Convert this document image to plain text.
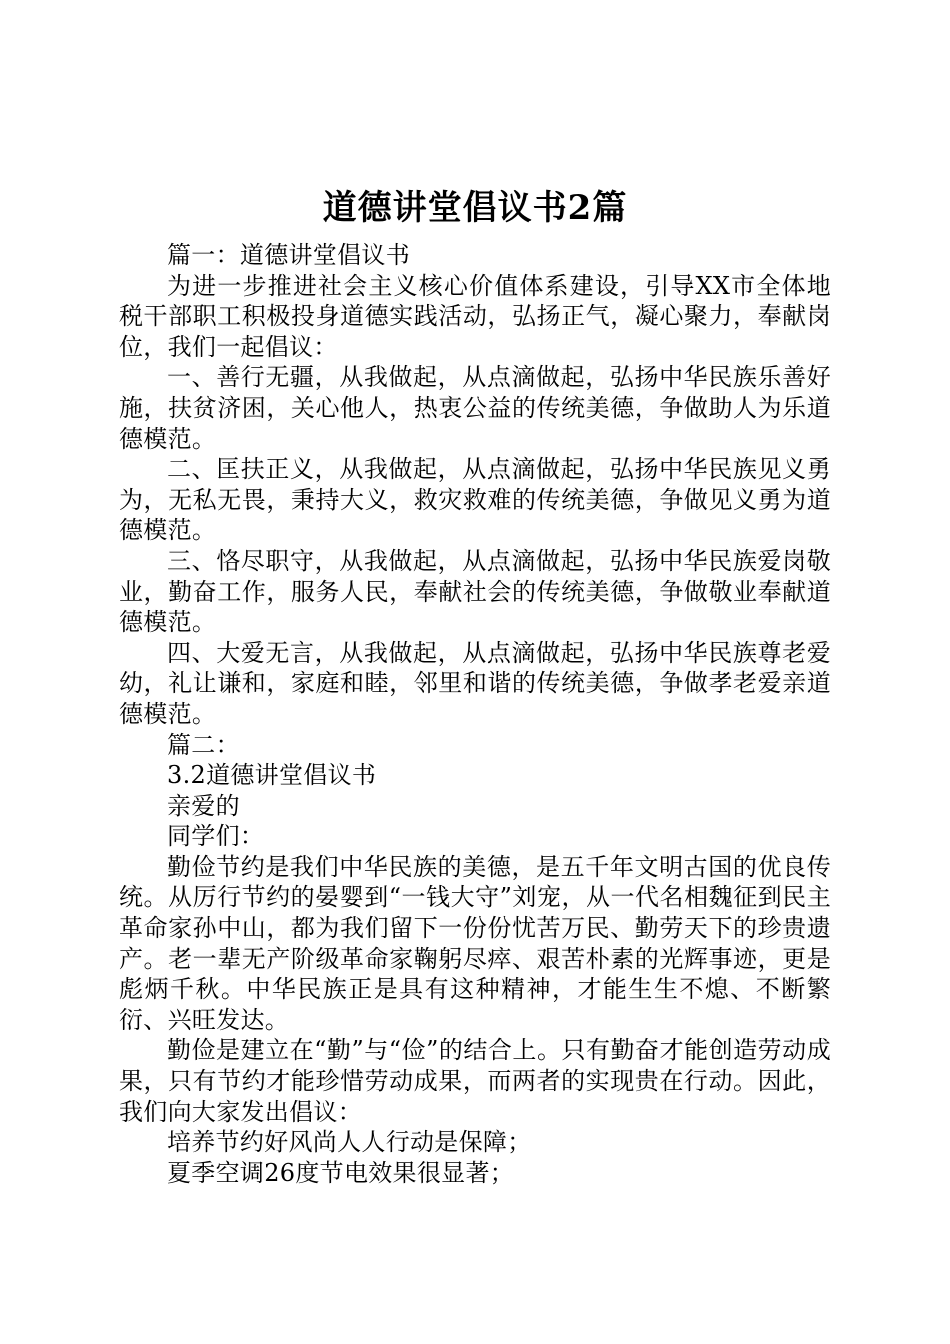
道德讲堂倡议书2篇

篇一：道德讲堂倡议书

为进一步推进社会主义核心价值体系建设，引导XX市全体地税干部职工积极投身道德实践活动，弘扬正气，凝心聚力，奉献岗位，我们一起倡议：

一、善行无疆，从我做起，从点滴做起，弘扬中华民族乐善好施，扶贫济困，关心他人，热衷公益的传统美德，争做助人为乐道德模范。

二、匡扶正义，从我做起，从点滴做起，弘扬中华民族见义勇为，无私无畏，秉持大义，救灾救难的传统美德，争做见义勇为道德模范。

三、恪尽职守，从我做起，从点滴做起，弘扬中华民族爱岗敬业，勤奋工作，服务人民，奉献社会的传统美德，争做敬业奉献道德模范。

四、大爱无言，从我做起，从点滴做起，弘扬中华民族尊老爱幼，礼让谦和，家庭和睦，邻里和谐的传统美德，争做孝老爱亲道德模范。

篇二：

3.2道德讲堂倡议书

亲爱的

同学们：

勤俭节约是我们中华民族的美德，是五千年文明古国的优良传统。从厉行节约的晏婴到“一钱大守”刘宠，从一代名相魏征到民主革命家孙中山，都为我们留下一份份忧苦万民、勤劳天下的珍贵遗产。老一辈无产阶级革命家鞠躬尽瘁、艰苦朴素的光辉事迹，更是彪炳千秋。中华民族正是具有这种精神，才能生生不熄、不断繁衍、兴旺发达。

勤俭是建立在“勤”与“俭”的结合上。只有勤奋才能创造劳动成果，只有节约才能珍惜劳动成果，而两者的实现贵在行动。因此，我们向大家发出倡议：

培养节约好风尚人人行动是保障；

夏季空调26度节电效果很显著；
